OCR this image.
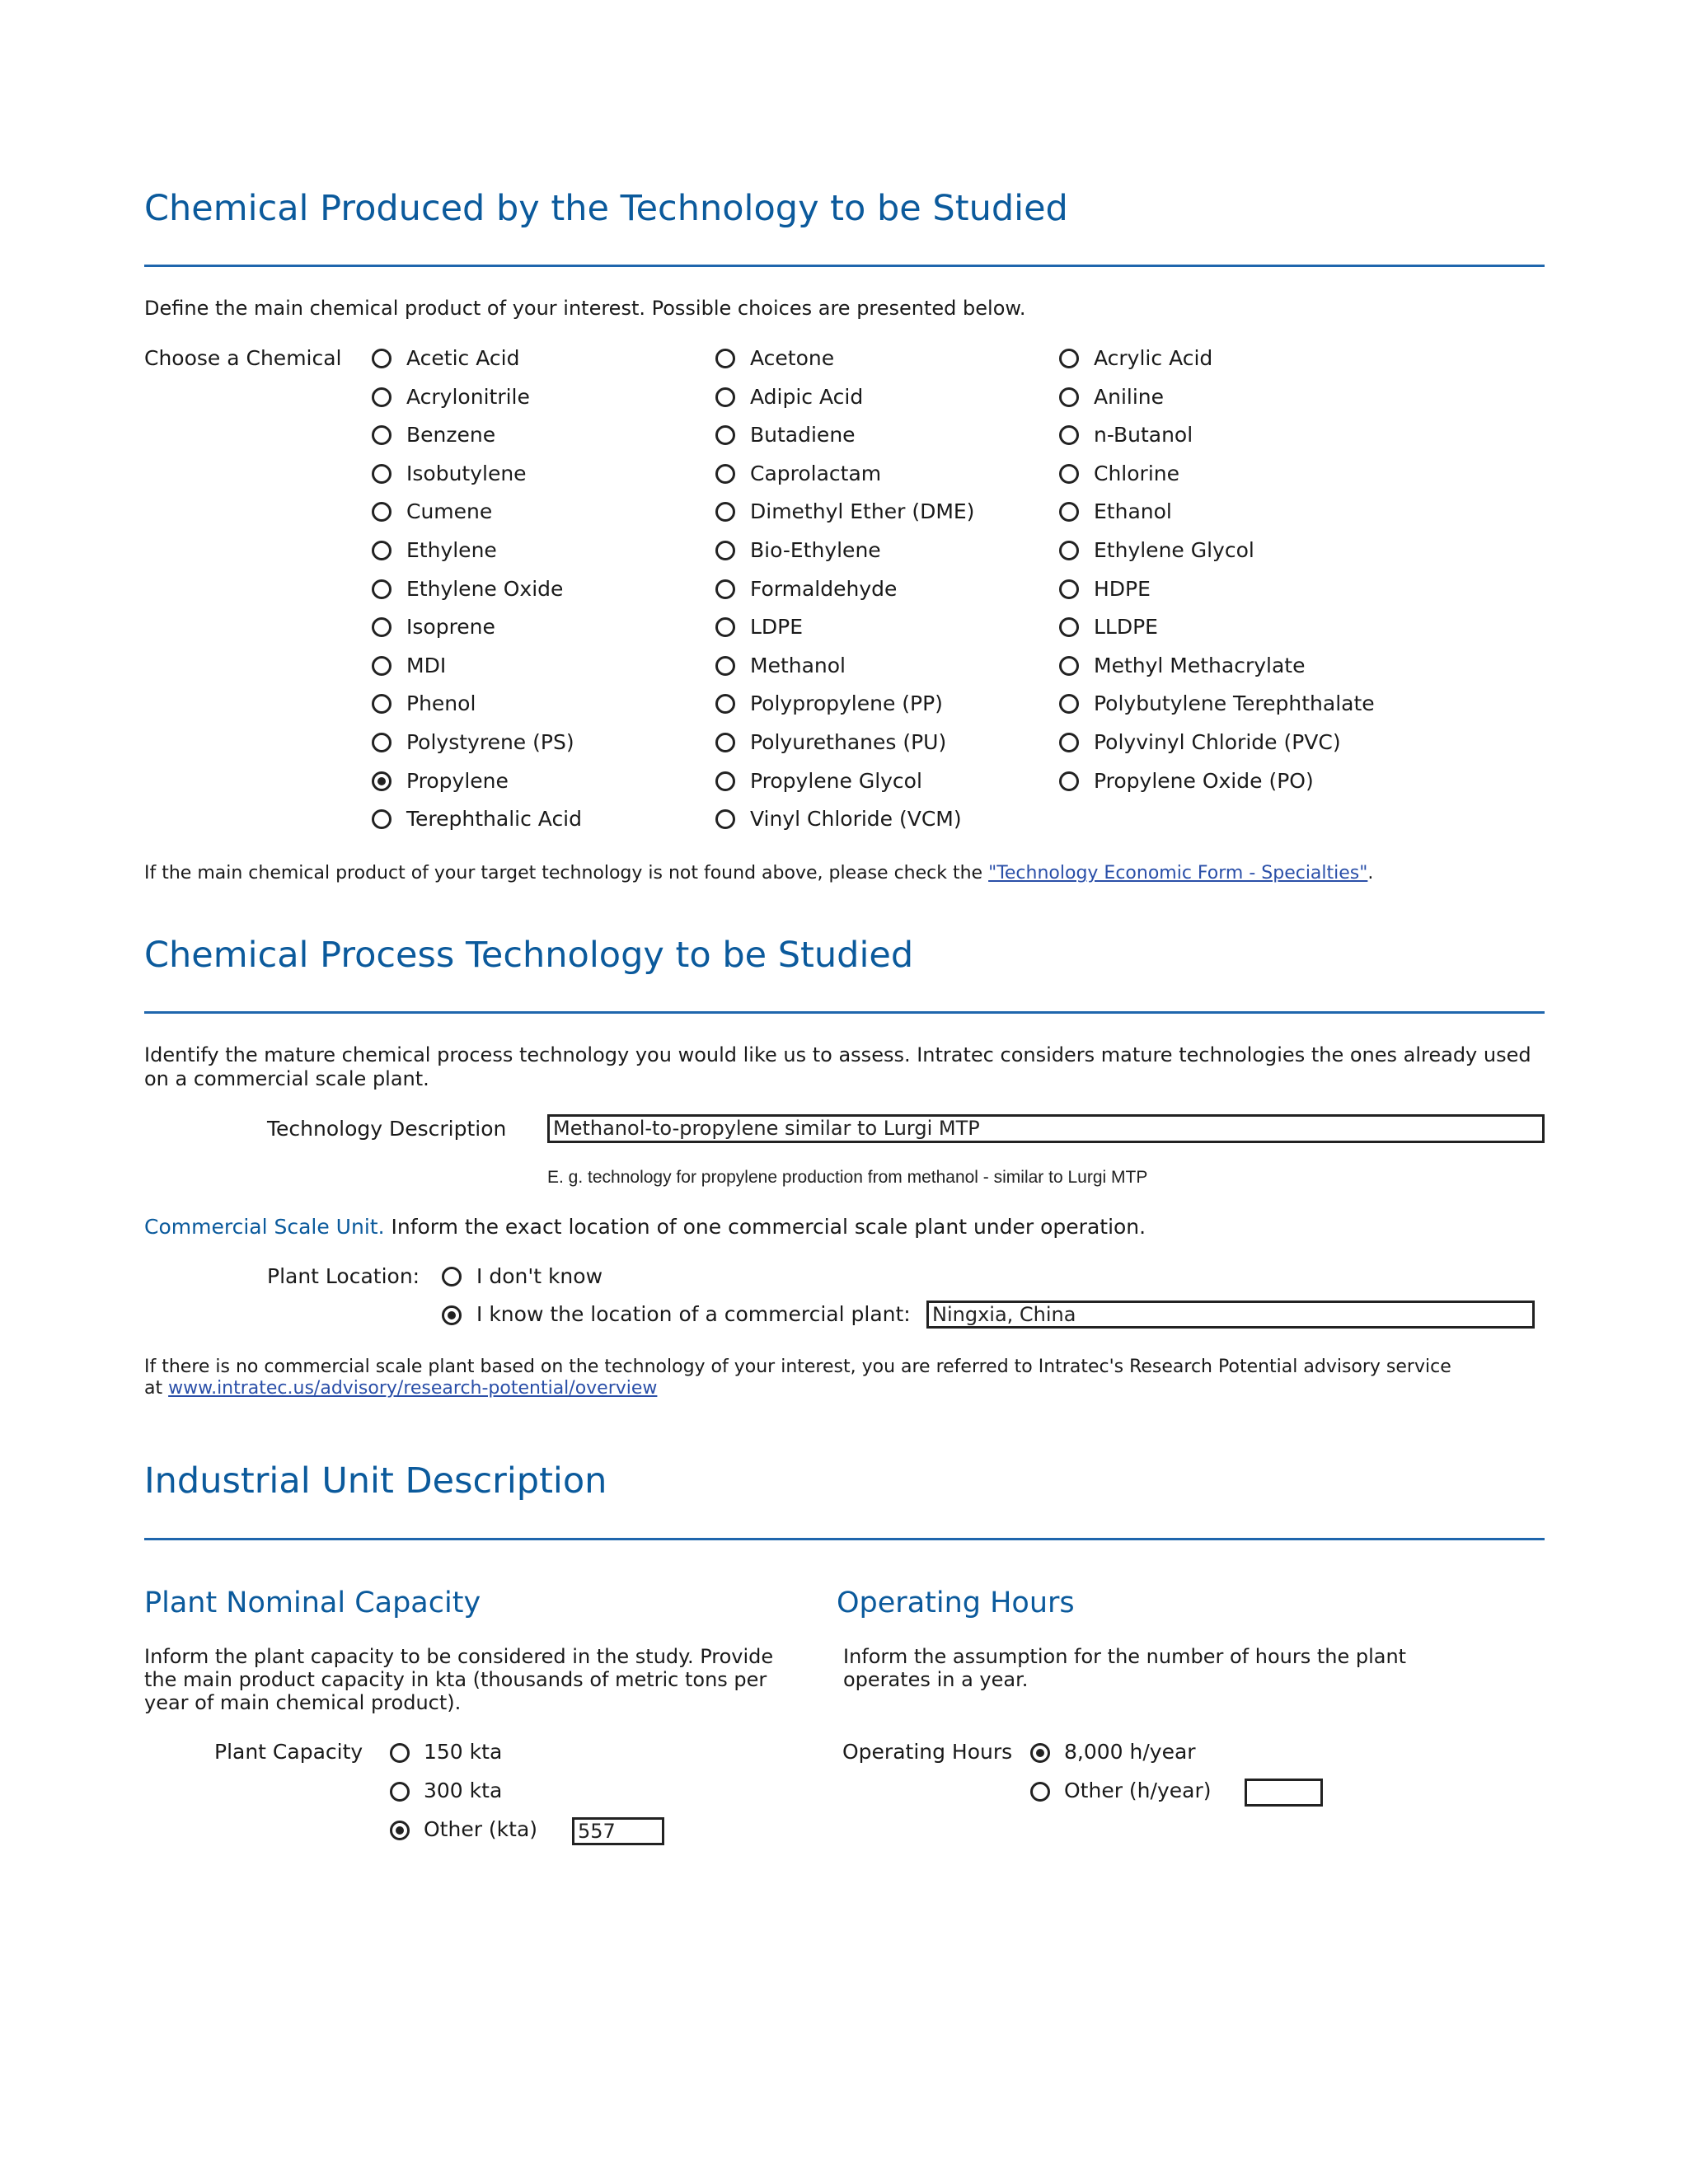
Chemical Produced by the Technology to be Studied
Define the main chemical product of your interest. Possible choices are presented below.
Choose a Chemical	Acetic Acid
Acrylonitrile
Benzene
Isobutylene
Cumene
Ethylene
Ethylene Oxide
Isoprene
MDI
Phenol
Polystyrene (PS)
Propylene
Terephthalic Acid
Acetone
Adipic Acid
Butadiene
Caprolactam
Dimethyl Ether (DME)
Bio-Ethylene
Formaldehyde
LDPE
Methanol
Polypropylene (PP)
Polyurethanes (PU)
Propylene Glycol
Vinyl Chloride (VCM)
Acrylic Acid
Aniline
n-Butanol
Chlorine
Ethanol
Ethylene Glycol
HDPE
LLDPE
Methyl Methacrylate
Polybutylene Terephthalate
Polyvinyl Chloride (PVC)
Propylene Oxide (PO)
If the main chemical product of your target technology is not found above, please check the "Technology Economic Form - Specialties".
Chemical Process Technology to be Studied
Identify the mature chemical process technology you would like us to assess. Intratec considers mature technologies the ones already used on a commercial scale plant.
Technology Description Methanol-to-propylene similar to Lurgi MTP
E. g. technology for propylene production from methanol - similar to Lurgi MTP
Commercial Scale Unit. Inform the exact location of one commercial scale plant under operation.
Plant Location:	I don't know
I know the location of a commercial plant: Ningxia, China
If there is no commercial scale plant based on the technology of your interest, you are referred to Intratec's Research Potential advisory service
at www.intratec.us/advisory/research-potential/overview
Industrial Unit Description
Plant Nominal Capacity
Inform the plant capacity to be considered in the study. Provide the main product capacity in kta (thousands of metric tons per year of main chemical product).
Plant Capacity	150 kta
300 kta
Other (kta) 557
Operating Hours
Inform the assumption for the number of hours the plant operates in a year.
Operating Hours	8,000 h/year
Other (h/year)
